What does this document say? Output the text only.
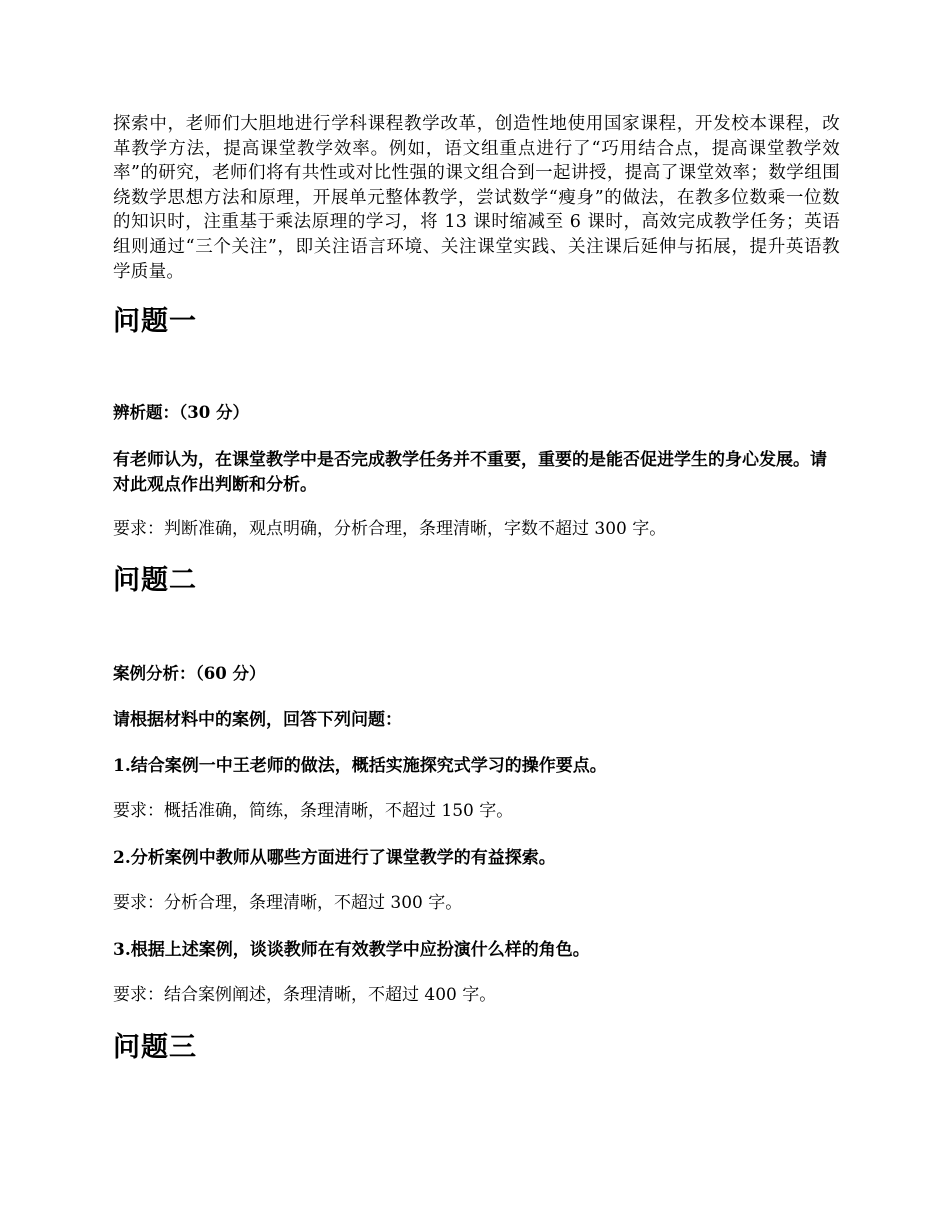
探索中，老师们大胆地进行学科课程教学改革，创造性地使用国家课程，开发校本课程，改革教学方法，提高课堂教学效率。例如，语文组重点进行了“巧用结合点，提高课堂教学效率”的研究，老师们将有共性或对比性强的课文组合到一起讲授，提高了课堂效率；数学组围绕数学思想方法和原理，开展单元整体教学，尝试数学“瘦身”的做法，在教多位数乘一位数的知识时，注重基于乘法原理的学习，将 13 课时缩减至 6 课时，高效完成教学任务；英语组则通过“三个关注”，即关注语言环境、关注课堂实践、关注课后延伸与拓展，提升英语教学质量。

问题一
辨析题：（30 分）
有老师认为，在课堂教学中是否完成教学任务并不重要，重要的是能否促进学生的身心发展。请对此观点作出判断和分析。
要求：判断准确，观点明确，分析合理，条理清晰，字数不超过 300 字。
问题二
案例分析：（60 分）
请根据材料中的案例，回答下列问题：
1.结合案例一中王老师的做法，概括实施探究式学习的操作要点。
要求：概括准确，简练，条理清晰，不超过 150 字。
2.分析案例中教师从哪些方面进行了课堂教学的有益探索。
要求：分析合理，条理清晰，不超过 300 字。
3.根据上述案例，谈谈教师在有效教学中应扮演什么样的角色。
要求：结合案例阐述，条理清晰，不超过 400 字。
问题三
